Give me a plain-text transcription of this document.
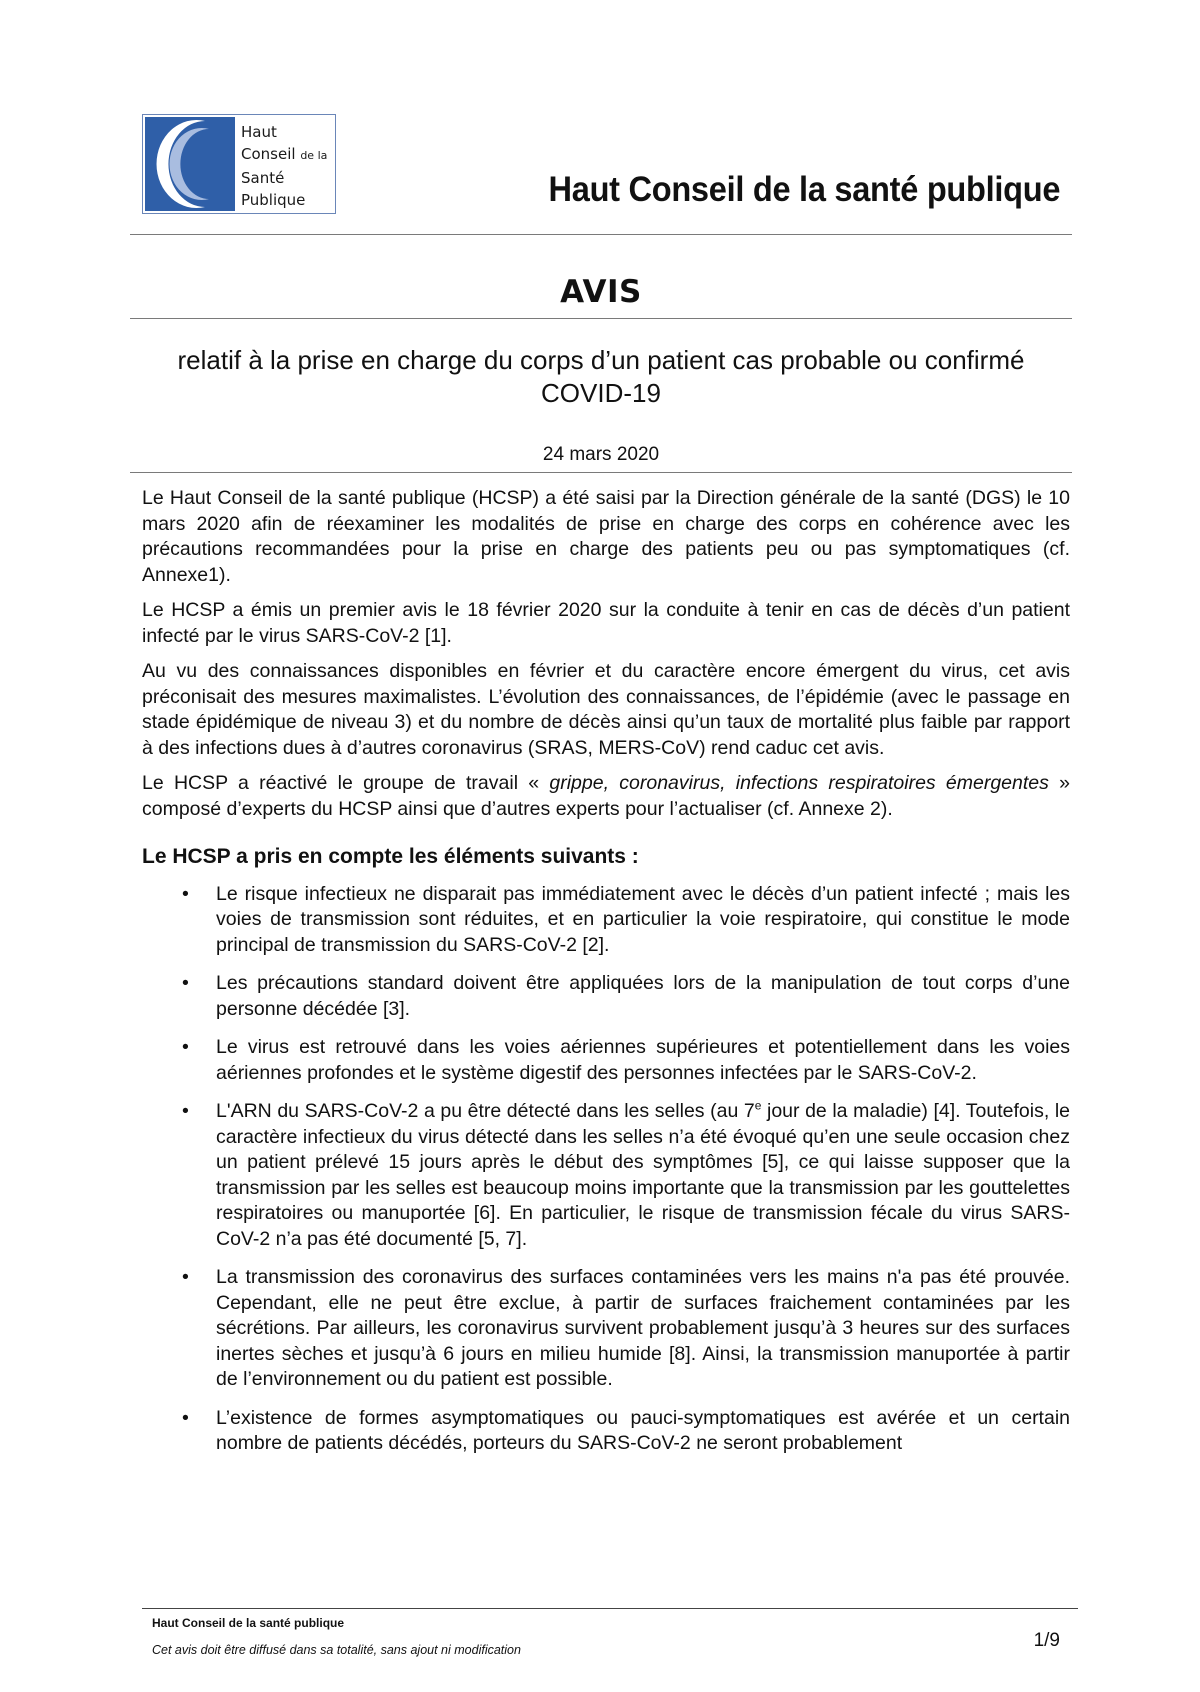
Haut
Conseil de la
Santé
Publique	Haut Conseil de la santé publique
AVIS
relatif à la prise en charge du corps d’un patient cas probable ou confirmé
COVID-19
24 mars 2020

Le Haut Conseil de la santé publique (HCSP) a été saisi par la Direction générale de la santé (DGS) le 10 mars 2020 afin de réexaminer les modalités de prise en charge des corps en cohérence avec les précautions recommandées pour la prise en charge des patients peu ou pas symptomatiques (cf. Annexe1).

Le HCSP a émis un premier avis le 18 février 2020 sur la conduite à tenir en cas de décès d’un patient infecté par le virus SARS-CoV-2 [1].

Au vu des connaissances disponibles en février et du caractère encore émergent du virus, cet avis préconisait des mesures maximalistes. L’évolution des connaissances, de l’épidémie (avec le passage en stade épidémique de niveau 3) et du nombre de décès ainsi qu’un taux de mortalité plus faible par rapport à des infections dues à d’autres coronavirus (SRAS, MERS-CoV) rend caduc cet avis.

Le HCSP a réactivé le groupe de travail « grippe, coronavirus, infections respiratoires émergentes » composé d’experts du HCSP ainsi que d’autres experts pour l’actualiser (cf. Annexe 2).

Le HCSP a pris en compte les éléments suivants :
• Le risque infectieux ne disparait pas immédiatement avec le décès d’un patient infecté ; mais les voies de transmission sont réduites, et en particulier la voie respiratoire, qui constitue le mode principal de transmission du SARS-CoV-2 [2].
• Les précautions standard doivent être appliquées lors de la manipulation de tout corps d’une personne décédée [3].
• Le virus est retrouvé dans les voies aériennes supérieures et potentiellement dans les voies aériennes profondes et le système digestif des personnes infectées par le SARS-CoV-2.
• L'ARN du SARS-CoV-2 a pu être détecté dans les selles (au 7e jour de la maladie) [4]. Toutefois, le caractère infectieux du virus détecté dans les selles n’a été évoqué qu’en une seule occasion chez un patient prélevé 15 jours après le début des symptômes [5], ce qui laisse supposer que la transmission par les selles est beaucoup moins importante que la transmission par les gouttelettes respiratoires ou manuportée [6]. En particulier, le risque de transmission fécale du virus SARS-CoV-2 n’a pas été documenté [5, 7].
• La transmission des coronavirus des surfaces contaminées vers les mains n'a pas été prouvée. Cependant, elle ne peut être exclue, à partir de surfaces fraichement contaminées par les sécrétions. Par ailleurs, les coronavirus survivent probablement jusqu’à 3 heures sur des surfaces inertes sèches et jusqu’à 6 jours en milieu humide [8]. Ainsi, la transmission manuportée à partir de l’environnement ou du patient est possible.
• L’existence de formes asymptomatiques ou pauci-symptomatiques est avérée et un certain nombre de patients décédés, porteurs du SARS-CoV-2 ne seront probablement
Haut Conseil de la santé publique
Cet avis doit être diffusé dans sa totalité, sans ajout ni modification	1/9
